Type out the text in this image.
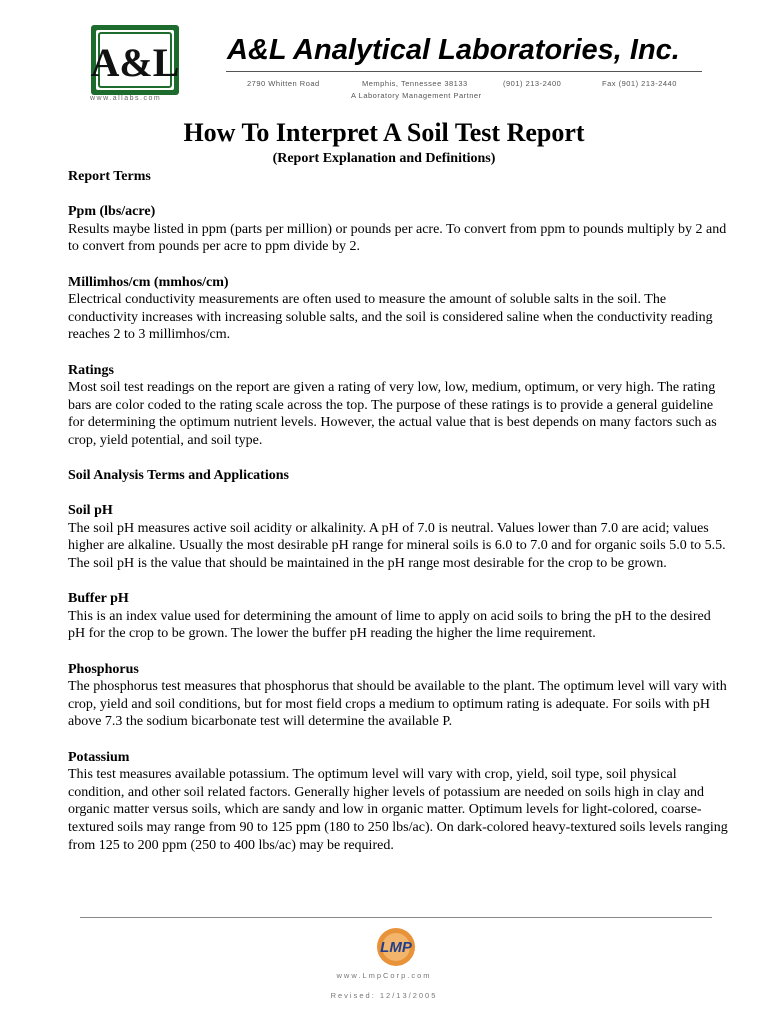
A&L
www.allabs.com
A&L Analytical Laboratories, Inc.
2790 Whitten Road	Memphis, Tennessee 38133	(901) 213-2400	Fax (901) 213-2440
A Laboratory Management Partner
How To Interpret A Soil Test Report
(Report Explanation and Definitions)

Report Terms

Ppm (lbs/acre)

Results maybe listed in ppm (parts per million) or pounds per acre. To convert from ppm to pounds multiply by 2 and to convert from pounds per acre to ppm divide by 2.

Millimhos/cm (mmhos/cm)

Electrical conductivity measurements are often used to measure the amount of soluble salts in the soil. The conductivity increases with increasing soluble salts, and the soil is considered saline when the conductivity reading reaches 2 to 3 millimhos/cm.

Ratings

Most soil test readings on the report are given a rating of very low, low, medium, optimum, or very high. The rating bars are color coded to the rating scale across the top. The purpose of these ratings is to provide a general guideline for determining the optimum nutrient levels. However, the actual value that is best depends on many factors such as crop, yield potential, and soil type.

Soil Analysis Terms and Applications

Soil pH

The soil pH measures active soil acidity or alkalinity. A pH of 7.0 is neutral. Values lower than 7.0 are acid; values higher are alkaline. Usually the most desirable pH range for mineral soils is 6.0 to 7.0 and for organic soils 5.0 to 5.5. The soil pH is the value that should be maintained in the pH range most desirable for the crop to be grown.

Buffer pH

This is an index value used for determining the amount of lime to apply on acid soils to bring the pH to the desired pH for the crop to be grown. The lower the buffer pH reading the higher the lime requirement.

Phosphorus

The phosphorus test measures that phosphorus that should be available to the plant. The optimum level will vary with crop, yield and soil conditions, but for most field crops a medium to optimum rating is adequate. For soils with pH above 7.3 the sodium bicarbonate test will determine the available P.

Potassium

This test measures available potassium. The optimum level will vary with crop, yield, soil type, soil physical condition, and other soil related factors. Generally higher levels of potassium are needed on soils high in clay and organic matter versus soils, which are sandy and low in organic matter. Optimum levels for light-colored, coarse-textured soils may range from 90 to 125 ppm (180 to 250 lbs/ac). On dark-colored heavy-textured soils levels ranging from 125 to 200 ppm (250 to 400 lbs/ac) may be required.

LMP
www.LmpCorp.com
Revised: 12/13/2005
